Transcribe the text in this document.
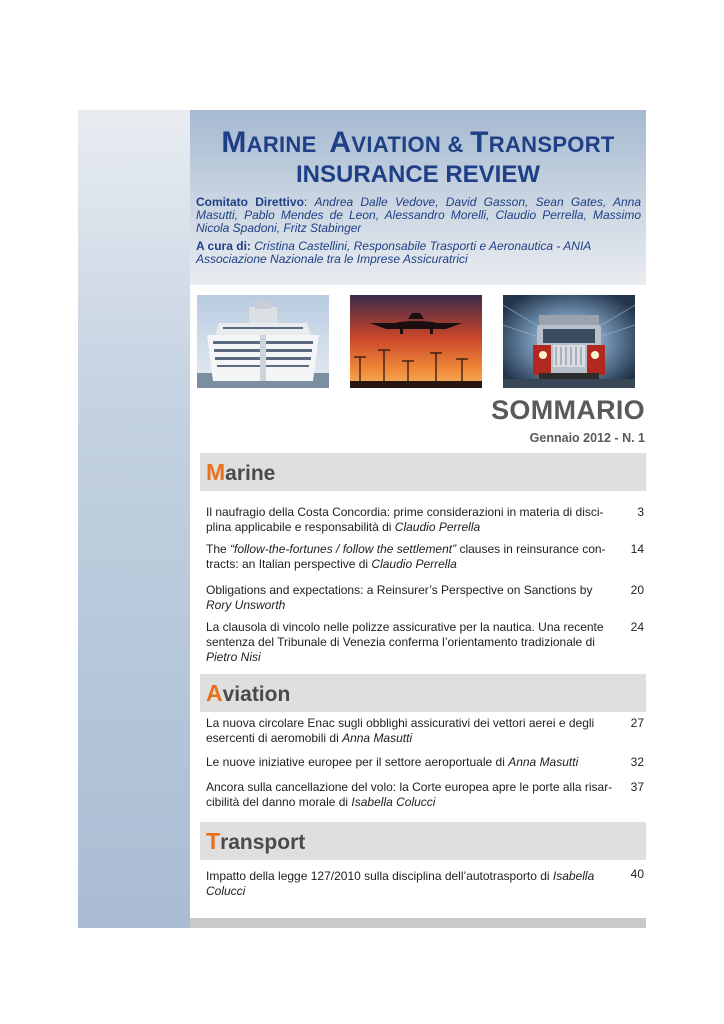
MARINE AVIATION & TRANSPORT
INSURANCE REVIEW
Comitato Direttivo: Andrea Dalle Vedove, David Gasson, Sean Gates, Anna Masutti, Pablo Mendes de Leon, Alessandro Morelli, Claudio Perrella, Massimo Nicola Spadoni, Fritz Stabinger
A cura di: Cristina Castellini, Responsabile Trasporti e Aeronautica - ANIA Associazione Nazionale tra le Imprese Assicuratrici
SOMMARIO
Gennaio 2012 - N. 1
Marine
Il naufragio della Costa Concordia: prime considerazioni in materia di disci- plina applicabile e responsabilità di Claudio Perrella
3
The “follow-the-fortunes / follow the settlement” clauses in reinsurance con- tracts: an Italian perspective di Claudio Perrella
14
Obligations and expectations: a Reinsurer’s Perspective on Sanctions by Rory Unsworth
20
La clausola di vincolo nelle polizze assicurative per la nautica. Una recente sentenza del Tribunale di Venezia conferma l’orientamento tradizionale di Pietro Nisi
24
Aviation
La nuova circolare Enac sugli obblighi assicurativi dei vettori aerei e degli esercenti di aeromobili di Anna Masutti
27
Le nuove iniziative europee per il settore aeroportuale di Anna Masutti	32
Ancora sulla cancellazione del volo: la Corte europea apre le porte alla risar- cibilità del danno morale di Isabella Colucci
37
Transport
Impatto della legge 127/2010 sulla disciplina dell’autotrasporto di Isabella Colucci
40
